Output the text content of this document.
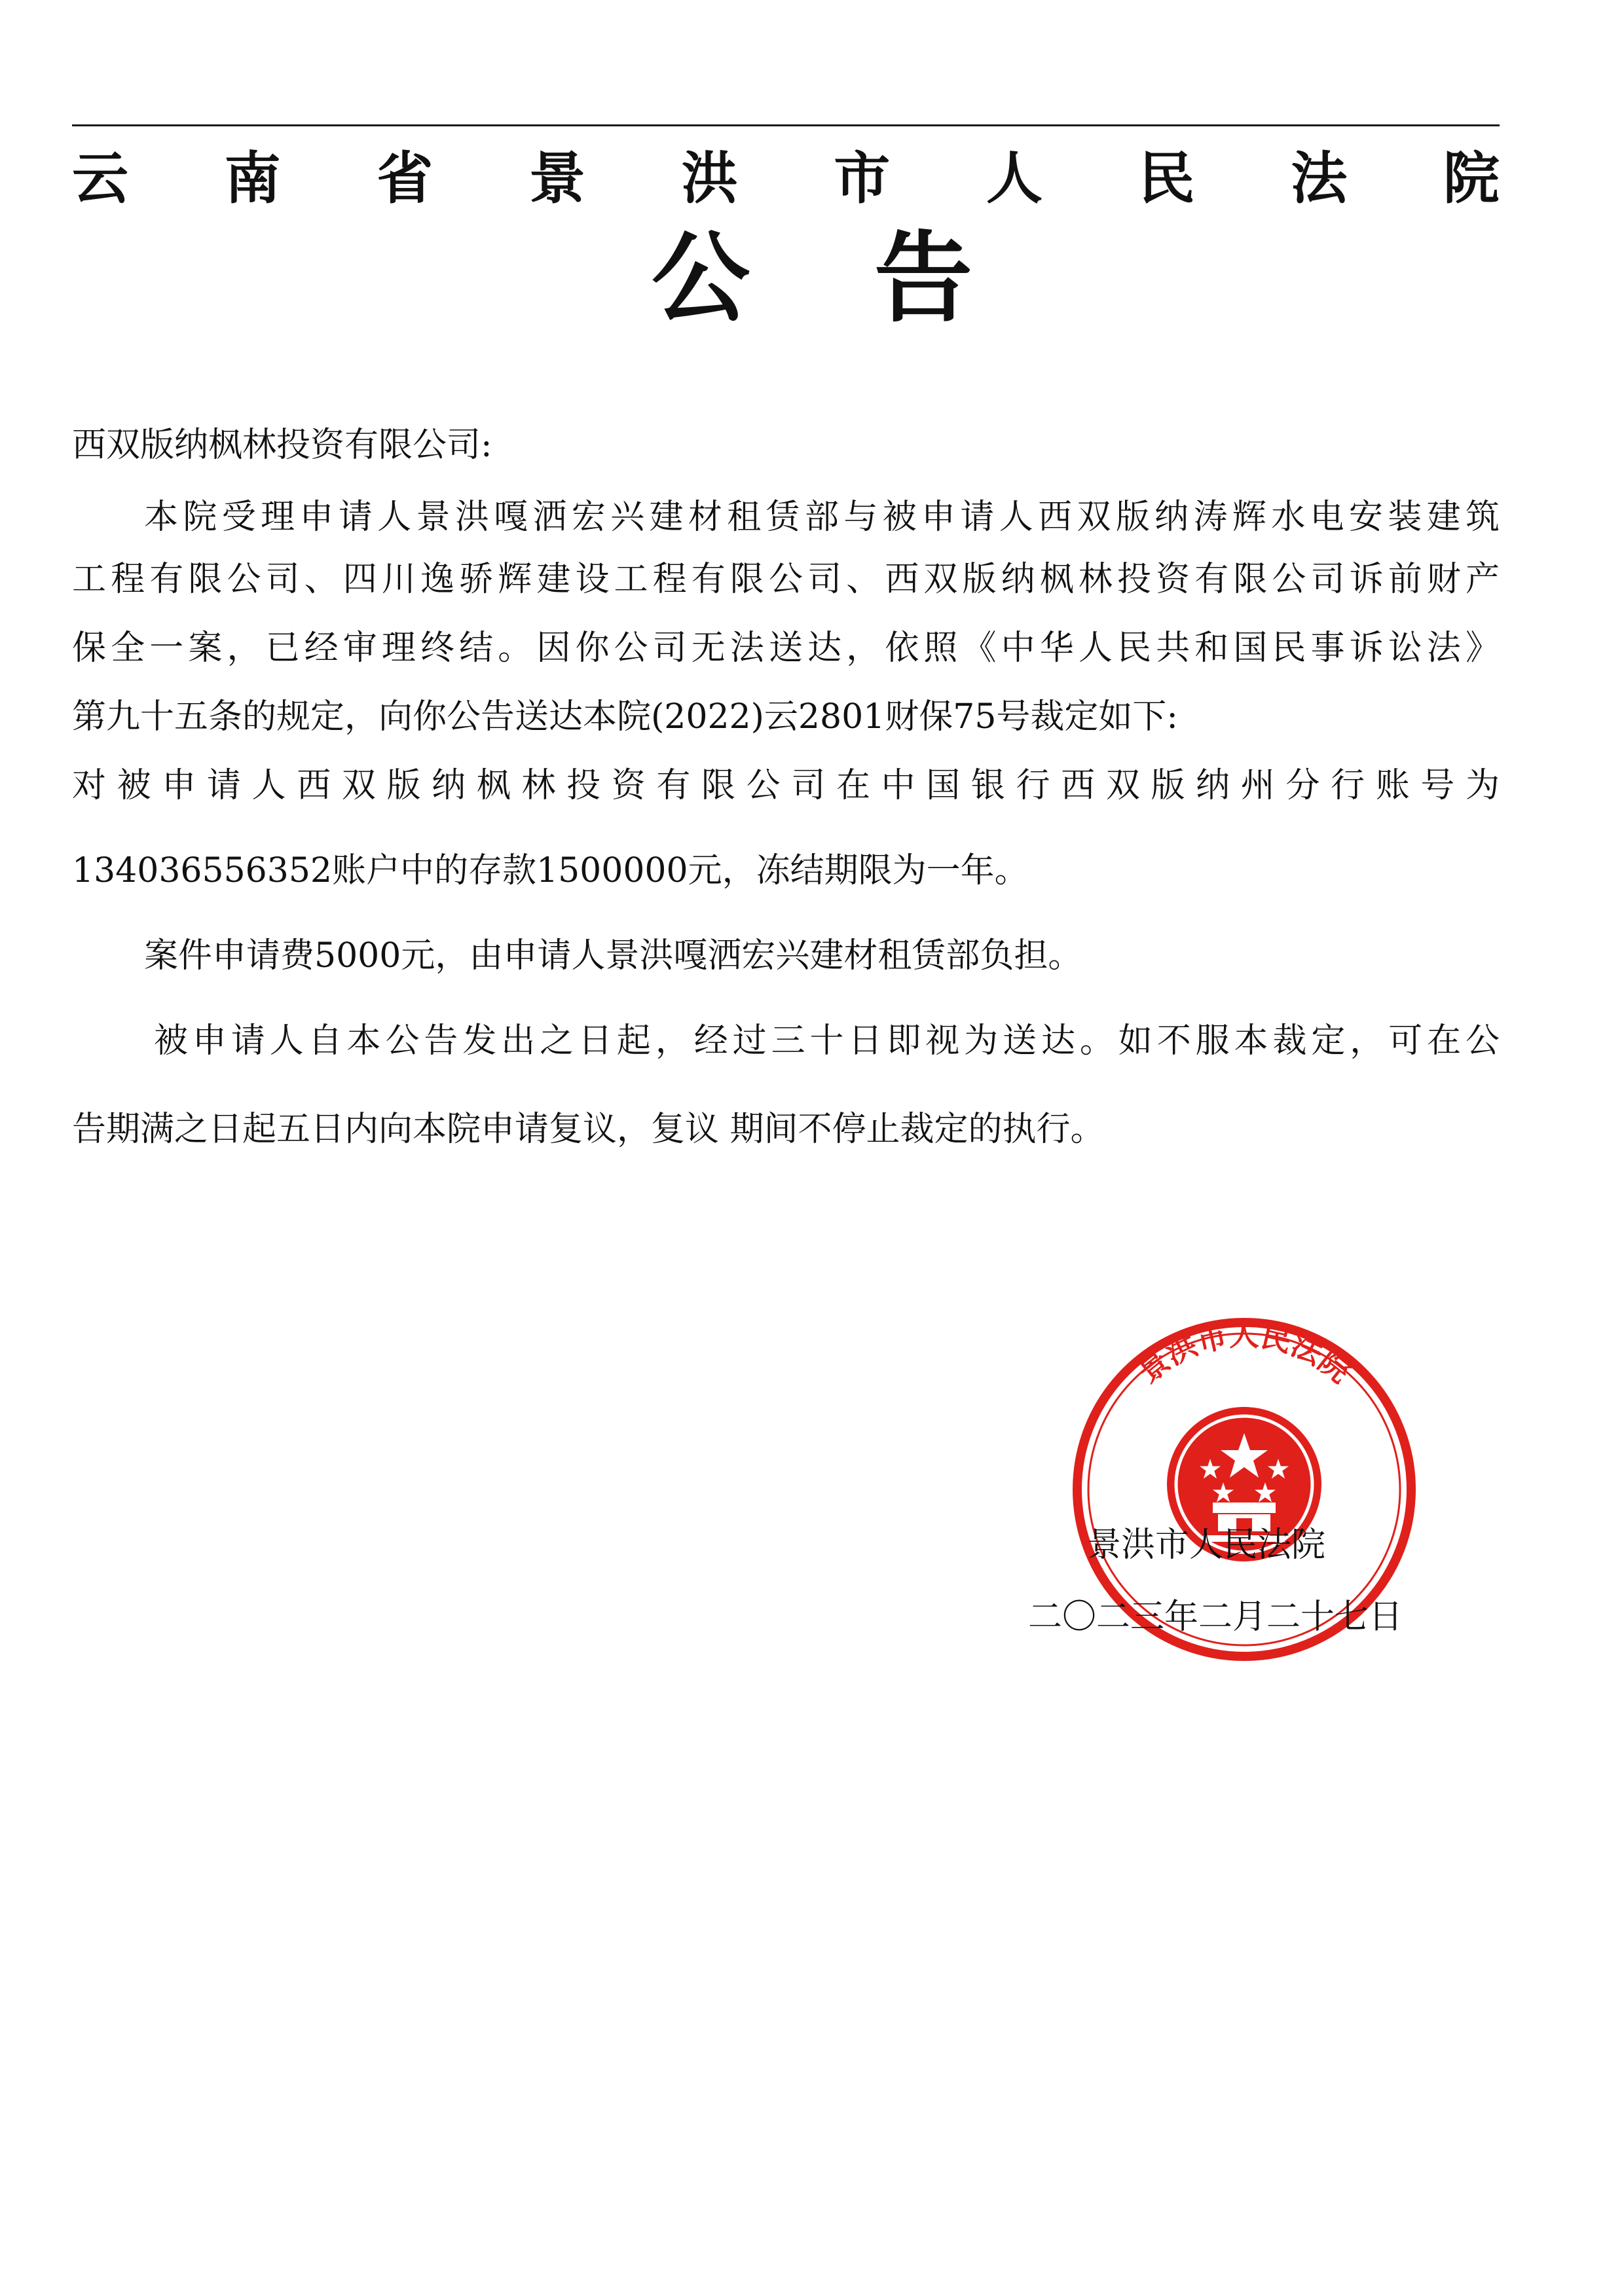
云 南 省 景 洪 市 人 民 法 院
公 告
西双版纳枫林投资有限公司:
本院受理申请人景洪嘎洒宏兴建材租赁部与被申请人西双版纳涛辉水电安装建筑
工程有限公司、四川逸骄辉建设工程有限公司、西双版纳枫林投资有限公司诉前财产
保全一案，已经审理终结。因你公司无法送达，依照《中华人民共和国民事诉讼法》
第九十五条的规定，向你公告送达本院(2022)云2801财保75号裁定如下:
对被申请人西双版纳枫林投资有限公司在中国银行西双版纳州分行账号为
134036556352账户中的存款1500000元，冻结期限为一年。
案件申请费5000元，由申请人景洪嘎洒宏兴建材租赁部负担。
被申请人自本公告发出之日起，经过三十日即视为送达。如不服本裁定，可在公
告期满之日起五日内向本院申请复议，复议 期间不停止裁定的执行。
景洪市人民法院
景洪市人民法院
二〇二三年二月二十七日
